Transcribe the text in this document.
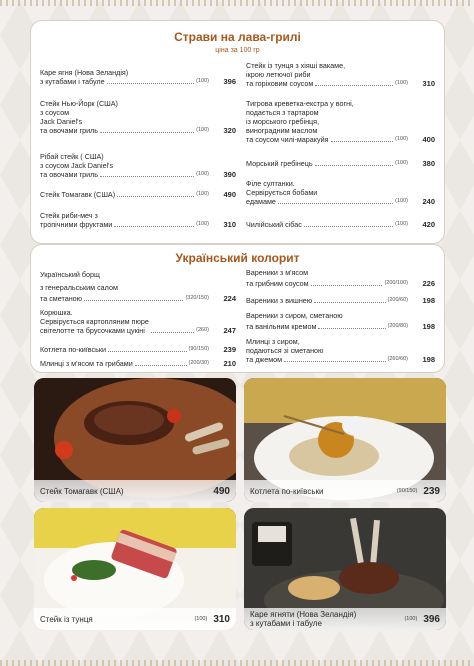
Страви на лава-грилі
ціна за 100 гр
Каре ягня (Нова Зеландія)
з кутабами і табуле	(100)	396
Стейк Нью-Йорк (США)
з соусом
Jack Daniel's
та овочами гриль	(100)	320
Рібай стейк ( США)
з соусом Jack Daniel's
та овочами гриль	(100)	390
Стейк Томагавк (США)	(100)	490
Стейк риби-меч з
тропічними фруктами	(100)	310
Стейк із тунця з хіяші вакаме,
ікрою летючої риби
та горіховим соусом	(100)	310
Тигрова креветка-екстра у вогні,
подається з тартаром
із морського гребінця,
виноградним маслом
та соусом чилі-маракуйя	(100)	400
Морський гребінець	(100)	380
Філе султанки.
Сервірується бобами
едамаме	(100)	240
Чилійський сібас	(100)	420
Український колорит
Український борщ
з генеральським салом
та сметаною	(320/150)	224
Корюшка.
Сервірується картопляним пюре
світелотте та брусочками цукіні	(260)	247
Котлета по-київськи	(90/150)	239
Млинці з м'ясом та грибами	(200/30)	210
Вареники з м'ясом
та грибним соусом	(200/100)	226
Вареники з вишнею	(200/60)	198
Вареники з сиром, сметаною
та ванільним кремом	(200/80)	198
Млинці з сиром,
подаються зі сметаною
та джемом	(260/60)	198
Стейк Томагавк (США)	490	Котлета по-київськи	(90/150) 239
Стейк із тунця	(100) 310	Каре ягняти (Нова Зеландія)
з кутабами і табуле
(100) 396
